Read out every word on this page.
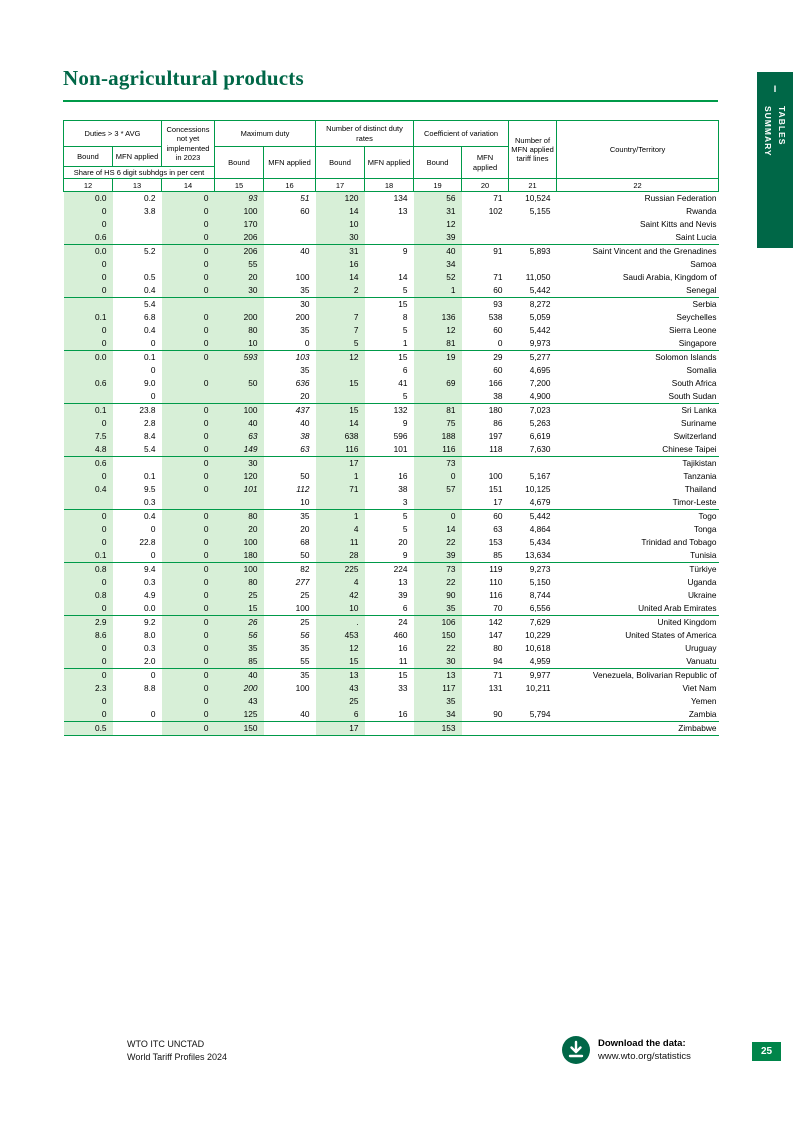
Non-agricultural products	I
SUMMARY TABLES
Duties > 3 * AVG		Concessions not yet implemented in 2023	Maximum duty		Number of distinct duty rates		Coefficient of variation		Number of MFN applied tariff lines	Country/Territory
Bound	MFN applied		Bound	MFN applied	Bound	MFN applied	Bound	MFN applied		
Share of HS 6 digit subhdgs in per cent										
12	13	14	15	16	17	18	19	20	21	22
0.0	0.2	0	93	51	120	134	56	71	10,524	Russian Federation
0	3.8	0	100	60	14	13	31	102	5,155	Rwanda
0		0	170		10		12			Saint Kitts and Nevis
0.6		0	206		30		39			Saint Lucia
0.0	5.2	0	206	40	31	9	40	91	5,893	Saint Vincent and the Grenadines
0		0	55		16		34			Samoa
0	0.5	0	20	100	14	14	52	71	11,050	Saudi Arabia, Kingdom of
0	0.4	0	30	35	2	5	1	60	5,442	Senegal
	5.4			30		15		93	8,272	Serbia
0.1	6.8	0	200	200	7	8	136	538	5,059	Seychelles
0	0.4	0	80	35	7	5	12	60	5,442	Sierra Leone
0	0	0	10	0	5	1	81	0	9,973	Singapore
0.0	0.1	0	593	103	12	15	19	29	5,277	Solomon Islands
	0			35		6		60	4,695	Somalia
0.6	9.0	0	50	636	15	41	69	166	7,200	South Africa
	0			20		5		38	4,900	South Sudan
0.1	23.8	0	100	437	15	132	81	180	7,023	Sri Lanka
0	2.8	0	40	40	14	9	75	86	5,263	Suriname
7.5	8.4	0	63	38	638	596	188	197	6,619	Switzerland
4.8	5.4	0	149	63	116	101	116	118	7,630	Chinese Taipei
0.6		0	30		17		73			Tajikistan
0	0.1	0	120	50	1	16	0	100	5,167	Tanzania
0.4	9.5	0	101	112	71	38	57	151	10,125	Thailand
	0.3			10		3		17	4,679	Timor-Leste
0	0.4	0	80	35	1	5	0	60	5,442	Togo
0	0	0	20	20	4	5	14	63	4,864	Tonga
0	22.8	0	100	68	11	20	22	153	5,434	Trinidad and Tobago
0.1	0	0	180	50	28	9	39	85	13,634	Tunisia
0.8	9.4	0	100	82	225	224	73	119	9,273	Türkiye
0	0.3	0	80	277	4	13	22	110	5,150	Uganda
0.8	4.9	0	25	25	42	39	90	116	8,744	Ukraine
0	0.0	0	15	100	10	6	35	70	6,556	United Arab Emirates
2.9	9.2	0	26	25	.	24	106	142	7,629	United Kingdom
8.6	8.0	0	56	56	453	460	150	147	10,229	United States of America
0	0.3	0	35	35	12	16	22	80	10,618	Uruguay
0	2.0	0	85	55	15	11	30	94	4,959	Vanuatu
0	0	0	40	35	13	15	13	71	9,977	Venezuela, Bolivarian Republic of
2.3	8.8	0	200	100	43	33	117	131	10,211	Viet Nam
0		0	43		25		35			Yemen
0	0	0	125	40	6	16	34	90	5,794	Zambia
0.5		0	150		17		153			Zimbabwe
WTO ITC UNCTAD
World Tariff Profiles 2024
Download the data:
www.wto.org/statistics	25
